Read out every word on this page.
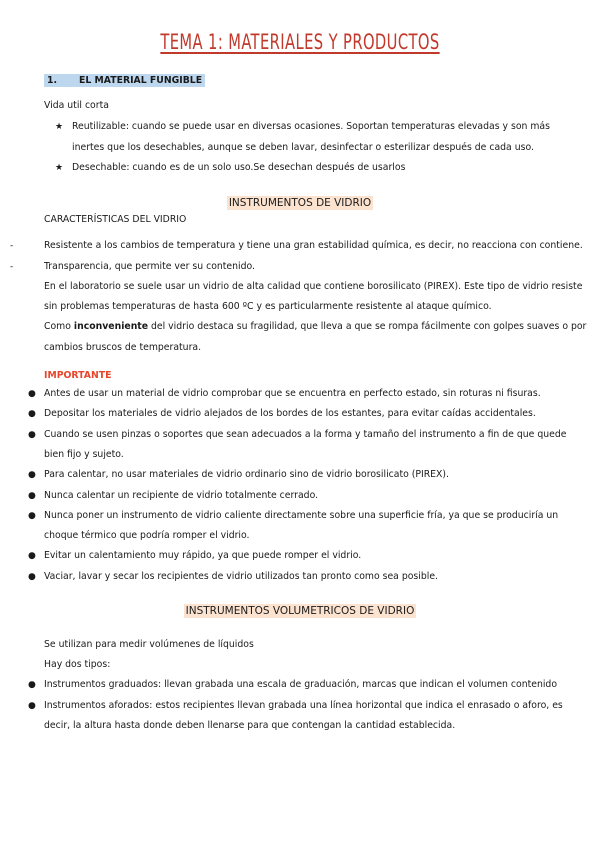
TEMA 1: MATERIALES Y PRODUCTOS
1. EL MATERIAL FUNGIBLE
Vida util corta
★ Reutilizable: cuando se puede usar en diversas ocasiones. Soportan temperaturas elevadas y son más
inertes que los desechables, aunque se deben lavar, desinfectar o esterilizar después de cada uso.
★ Desechable: cuando es de un solo uso.Se desechan después de usarlos
INSTRUMENTOS DE VIDRIO
CARACTERÍSTICAS DEL VIDRIO
-	Resistente a los cambios de temperatura y tiene una gran estabilidad química, es decir, no reacciona con contiene.
-	Transparencia, que permite ver su contenido.
En el laboratorio se suele usar un vidrio de alta calidad que contiene borosilicato (PIREX). Este tipo de vidrio resiste
sin problemas temperaturas de hasta 600 ºC y es particularmente resistente al ataque químico.
Como inconveniente del vidrio destaca su fragilidad, que lleva a que se rompa fácilmente con golpes suaves o por
cambios bruscos de temperatura.
IMPORTANTE
● Antes de usar un material de vidrio comprobar que se encuentra en perfecto estado, sin roturas ni fisuras.
● Depositar los materiales de vidrio alejados de los bordes de los estantes, para evitar caídas accidentales.
● Cuando se usen pinzas o soportes que sean adecuados a la forma y tamaño del instrumento a fin de que quede
bien fijo y sujeto.
● Para calentar, no usar materiales de vidrio ordinario sino de vidrio borosilicato (PIREX).
● Nunca calentar un recipiente de vidrio totalmente cerrado.
● Nunca poner un instrumento de vidrio caliente directamente sobre una superficie fría, ya que se produciría un
choque térmico que podría romper el vidrio.
● Evitar un calentamiento muy rápido, ya que puede romper el vidrio.
● Vaciar, lavar y secar los recipientes de vidrio utilizados tan pronto como sea posible.
INSTRUMENTOS VOLUMETRICOS DE VIDRIO
Se utilizan para medir volúmenes de líquidos
Hay dos tipos:
● Instrumentos graduados: llevan grabada una escala de graduación, marcas que indican el volumen contenido
● Instrumentos aforados: estos recipientes llevan grabada una línea horizontal que indica el enrasado o aforo, es
decir, la altura hasta donde deben llenarse para que contengan la cantidad establecida.
